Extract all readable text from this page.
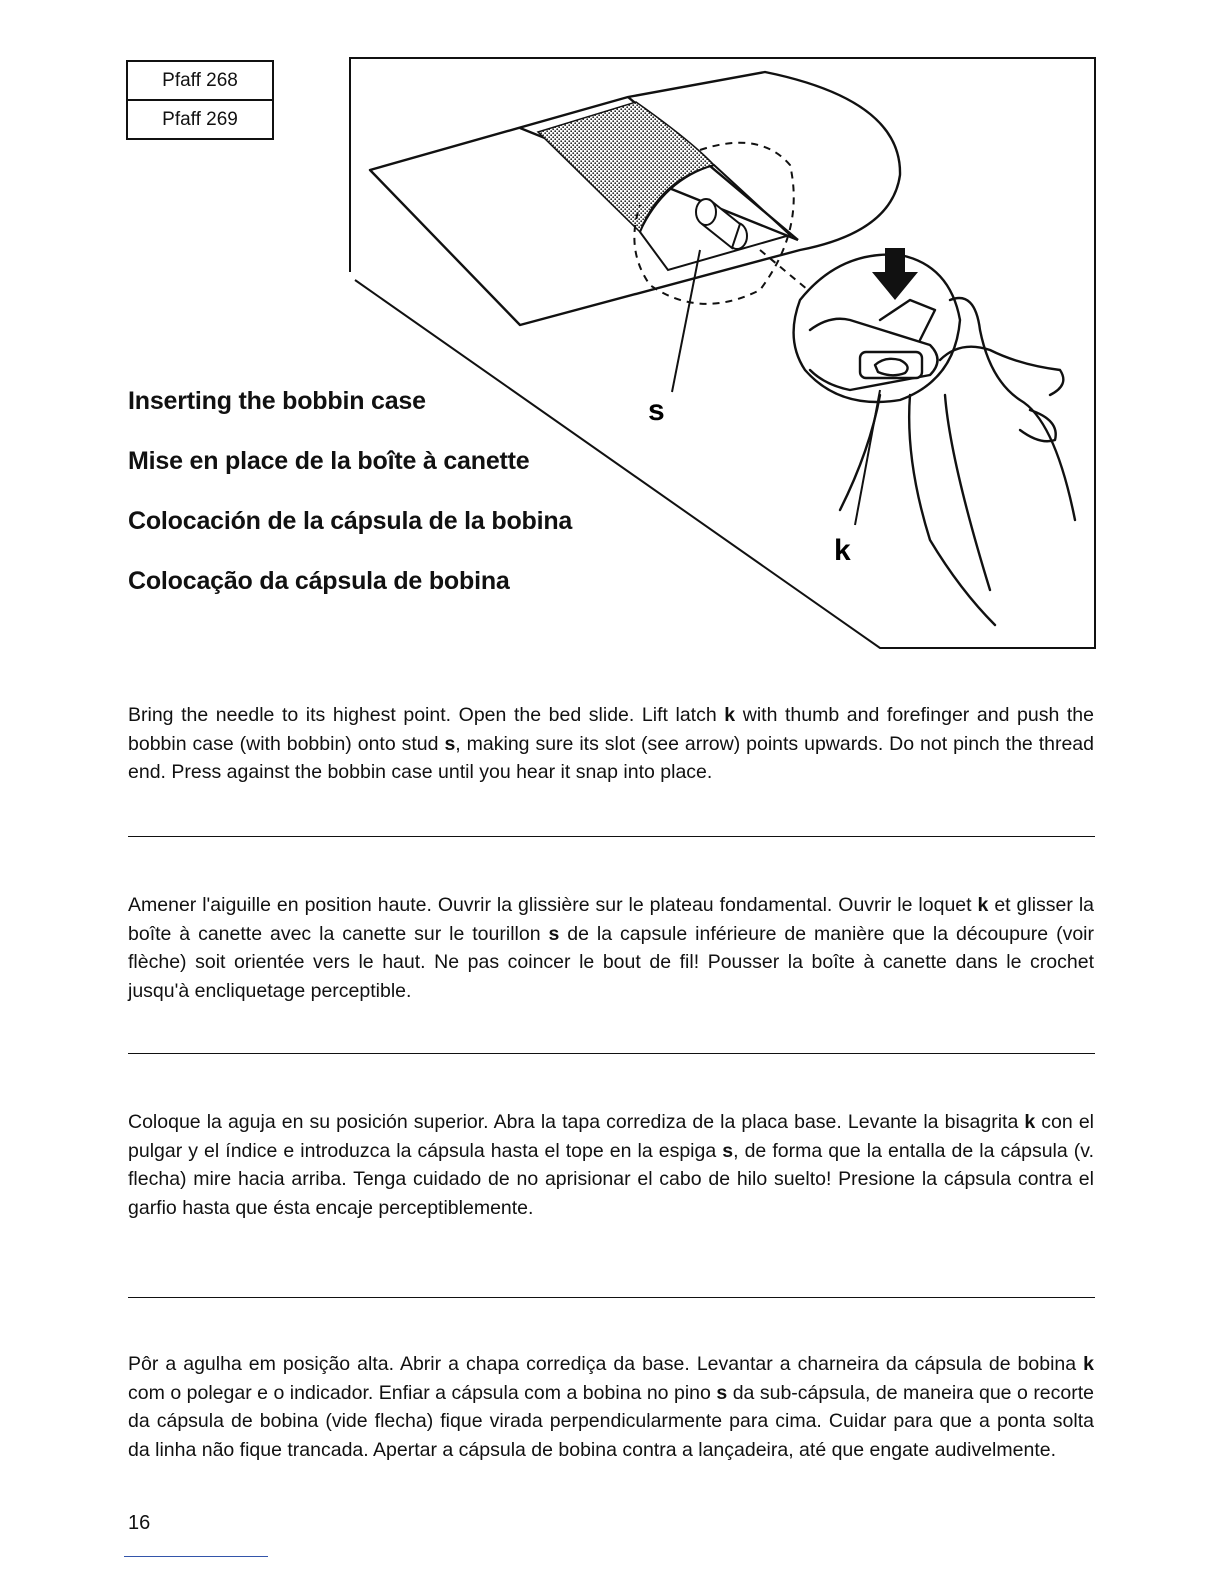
Pfaff 268
Pfaff 269
s
k

Inserting the bobbin case

Mise en place de la boîte à canette

Colocación de la cápsula de la bobina

Colocação da cápsula de bobina

Bring the needle to its highest point. Open the bed slide. Lift latch k with thumb and forefinger and push the bobbin case (with bobbin) onto stud s, making sure its slot (see arrow) points upwards. Do not pinch the thread end. Press against the bobbin case until you hear it snap into place.

Amener l'aiguille en position haute. Ouvrir la glissière sur le plateau fondamental. Ouvrir le loquet k et glisser la boîte à canette avec la canette sur le tourillon s de la capsule inférieure de manière que la découpure (voir flèche) soit orientée vers le haut. Ne pas coincer le bout de fil! Pousser la boîte à canette dans le crochet jusqu'à encliquetage perceptible.

Coloque la aguja en su posición superior. Abra la tapa corrediza de la placa base. Levante la bisagrita k con el pulgar y el índice e introduzca la cápsula hasta el tope en la espiga s, de forma que la entalla de la cápsula (v. flecha) mire hacia arriba. Tenga cuidado de no aprisionar el cabo de hilo suelto! Presione la cápsula contra el garfio hasta que ésta encaje perceptiblemente.

Pôr a agulha em posição alta. Abrir a chapa corrediça da base. Levantar a charneira da cápsula de bobina k com o polegar e o indicador. Enfiar a cápsula com a bobina no pino s da sub-cápsula, de maneira que o recorte da cápsula de bobina (vide flecha) fique virada perpendicularmente para cima. Cuidar para que a ponta solta da linha não fique trancada. Apertar a cápsula de bobina contra a lançadeira, até que engate audivelmente.

16
